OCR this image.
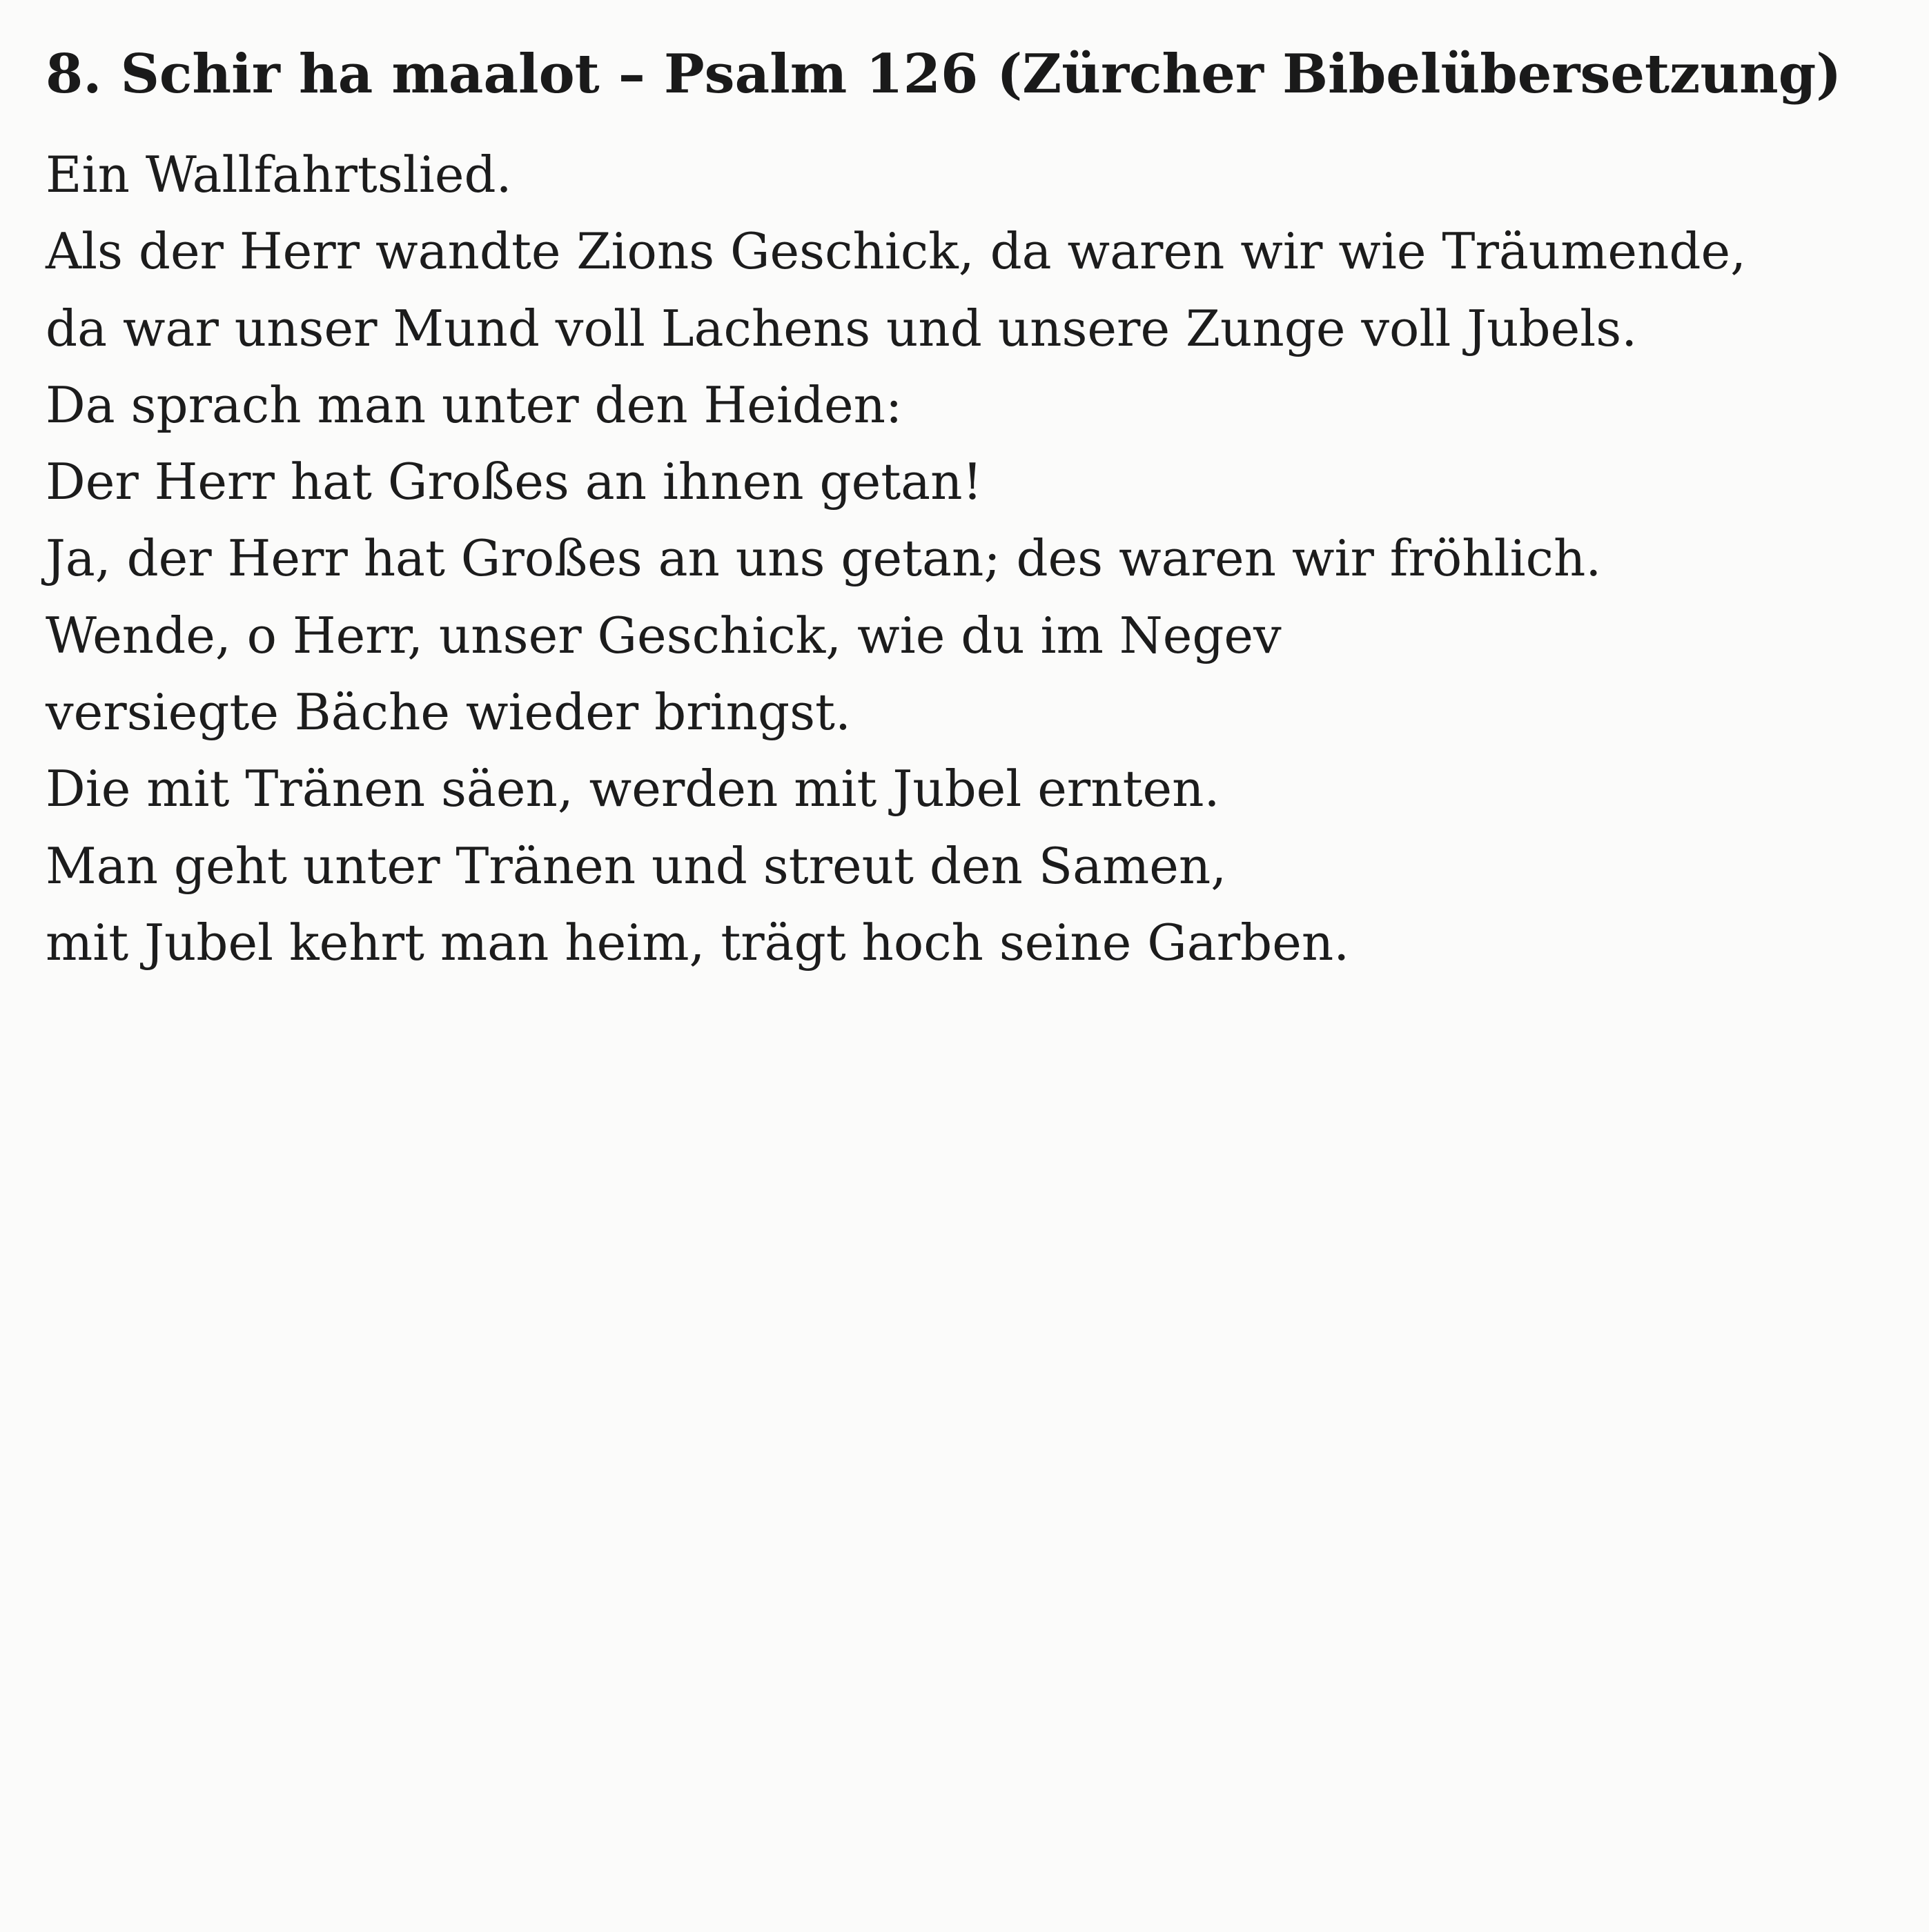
8. Schir ha maalot – Psalm 126 (Zürcher Bibelübersetzung)
Ein Wallfahrtslied.
Als der Herr wandte Zions Geschick, da waren wir wie Träumende,
da war unser Mund voll Lachens und unsere Zunge voll Jubels.
Da sprach man unter den Heiden:
Der Herr hat Großes an ihnen getan!
Ja, der Herr hat Großes an uns getan; des waren wir fröhlich.
Wende, o Herr, unser Geschick, wie du im Negev
versiegte Bäche wieder bringst.
Die mit Tränen säen, werden mit Jubel ernten.
Man geht unter Tränen und streut den Samen,
mit Jubel kehrt man heim, trägt hoch seine Garben.
